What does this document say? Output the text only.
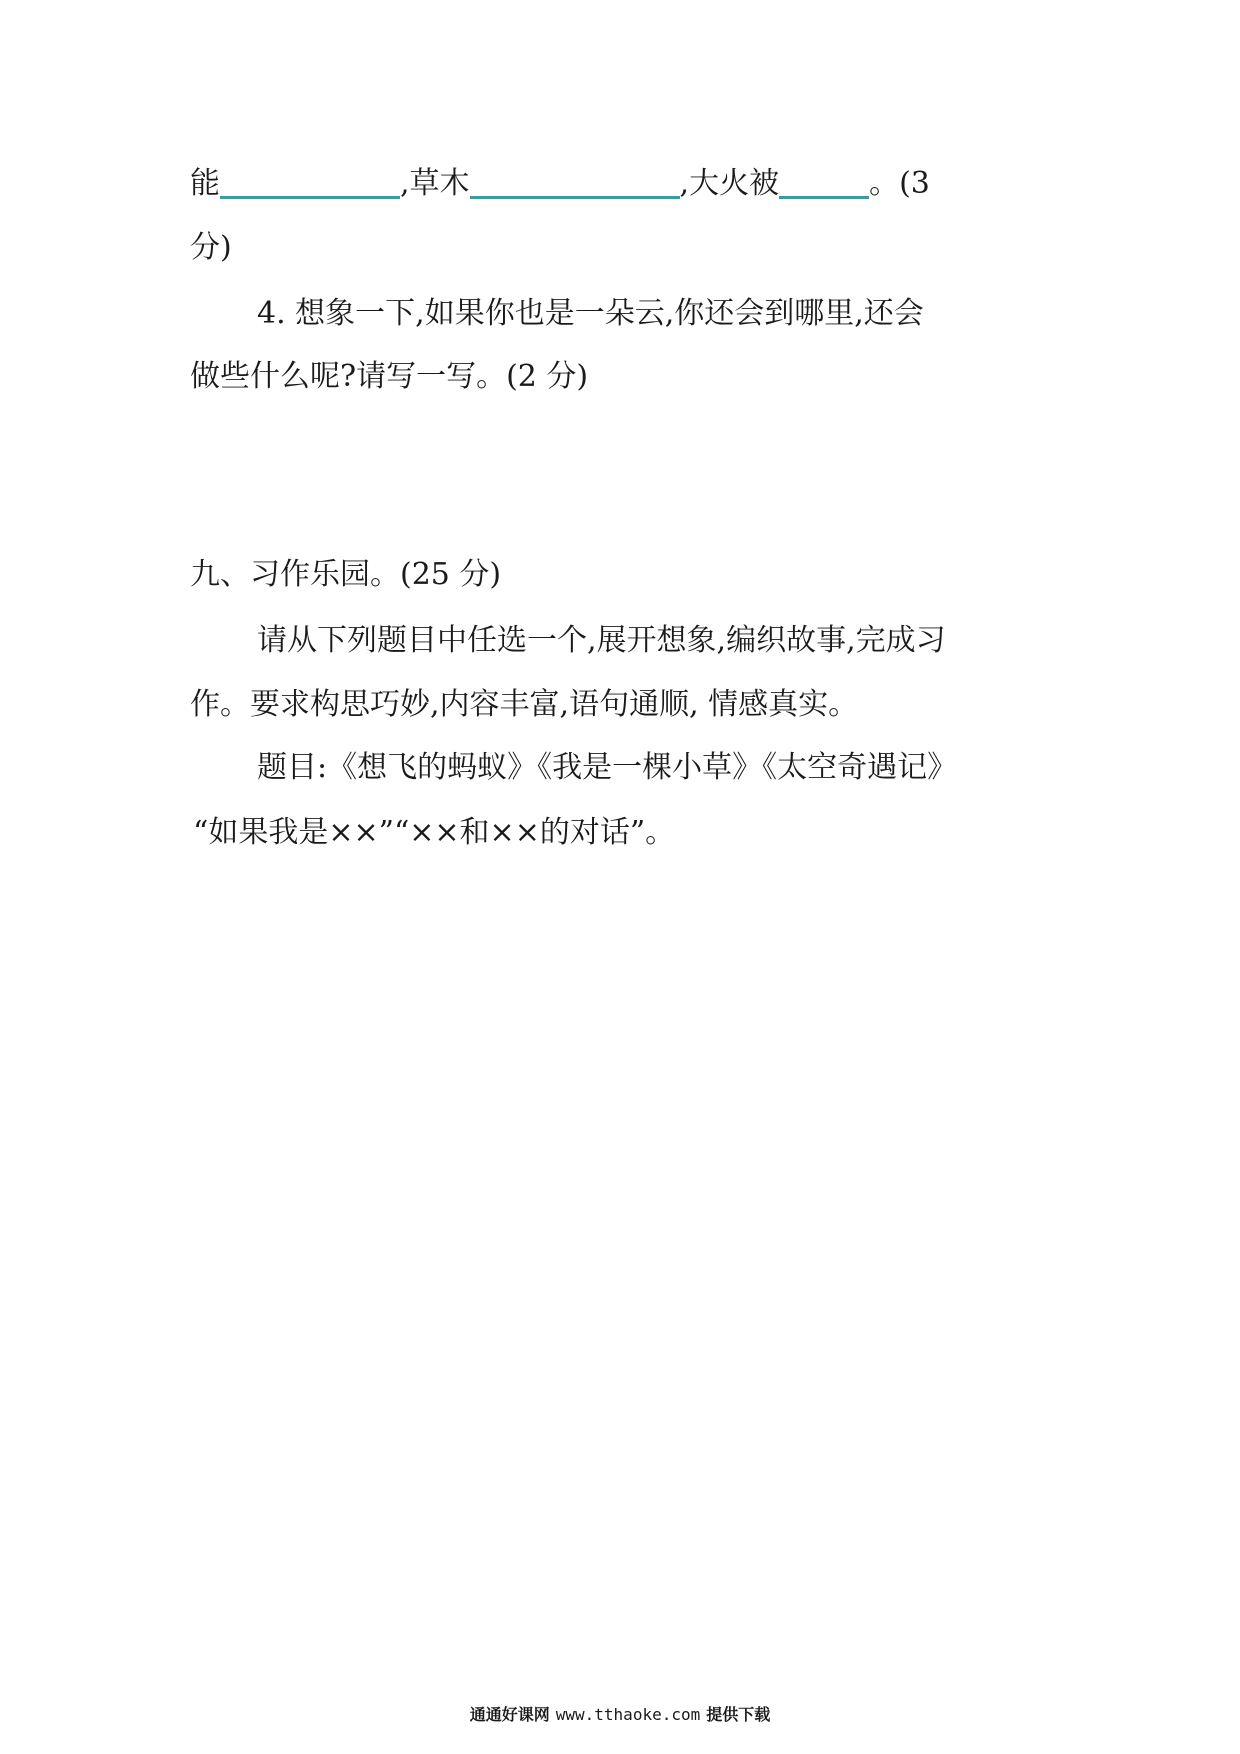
能	,草木	,大火被	。(3
分)
4. 想象一下,如果你也是一朵云,你还会到哪里,还会
做些什么呢?请写一写。(2 分)
九、习作乐园。(25 分)
请从下列题目中任选一个,展开想象,编织故事,完成习
作。要求构思巧妙,内容丰富,语句通顺, 情感真实。
题目:《想飞的蚂蚁》《我是一棵小草》《太空奇遇记》
“如果我是××”“××和××的对话”。
通通好课网 www.tthaoke.com 提供下载
